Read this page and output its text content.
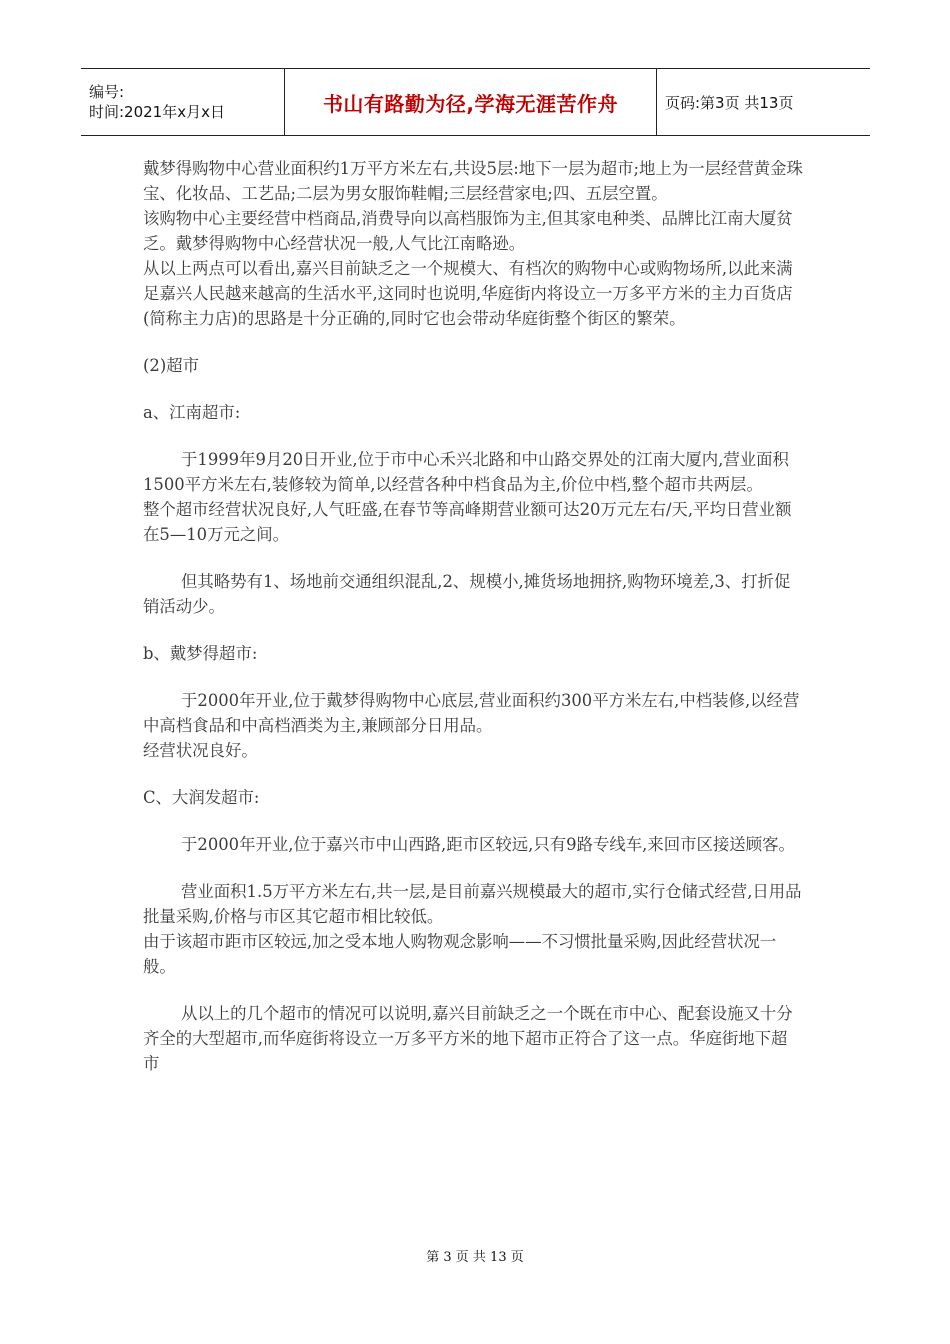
编号:
时间:2021年x月x日	书山有路勤为径,学海无涯苦作舟	页码:第3页 共13页

戴梦得购物中心营业面积约1万平方米左右,共设5层:地下一层为超市;地上为一层经营黄金珠宝、化妆品、工艺品;二层为男女服饰鞋帽;三层经营家电;四、五层空置。

该购物中心主要经营中档商品,消费导向以高档服饰为主,但其家电种类、品牌比江南大厦贫乏。戴梦得购物中心经营状况一般,人气比江南略逊。

从以上两点可以看出,嘉兴目前缺乏之一个规模大、有档次的购物中心或购物场所,以此来满足嘉兴人民越来越高的生活水平,这同时也说明,华庭街内将设立一万多平方米的主力百货店(简称主力店)的思路是十分正确的,同时它也会带动华庭街整个街区的繁荣。

(2)超市

a、江南超市:

于1999年9月20日开业,位于市中心禾兴北路和中山路交界处的江南大厦内,营业面积1500平方米左右,装修较为简单,以经营各种中档食品为主,价位中档,整个超市共两层。

整个超市经营状况良好,人气旺盛,在春节等高峰期营业额可达20万元左右/天,平均日营业额在5—10万元之间。

但其略势有1、场地前交通组织混乱,2、规模小,摊货场地拥挤,购物环境差,3、打折促销活动少。

b、戴梦得超市:

于2000年开业,位于戴梦得购物中心底层,营业面积约300平方米左右,中档装修,以经营中高档食品和中高档酒类为主,兼顾部分日用品。

经营状况良好。

C、大润发超市:

于2000年开业,位于嘉兴市中山西路,距市区较远,只有9路专线车,来回市区接送顾客。

营业面积1.5万平方米左右,共一层,是目前嘉兴规模最大的超市,实行仓储式经营,日用品批量采购,价格与市区其它超市相比较低。

由于该超市距市区较远,加之受本地人购物观念影响——不习惯批量采购,因此经营状况一般。

从以上的几个超市的情况可以说明,嘉兴目前缺乏之一个既在市中心、配套设施又十分齐全的大型超市,而华庭街将设立一万多平方米的地下超市正符合了这一点。华庭街地下超市

第 3 页 共 13 页
